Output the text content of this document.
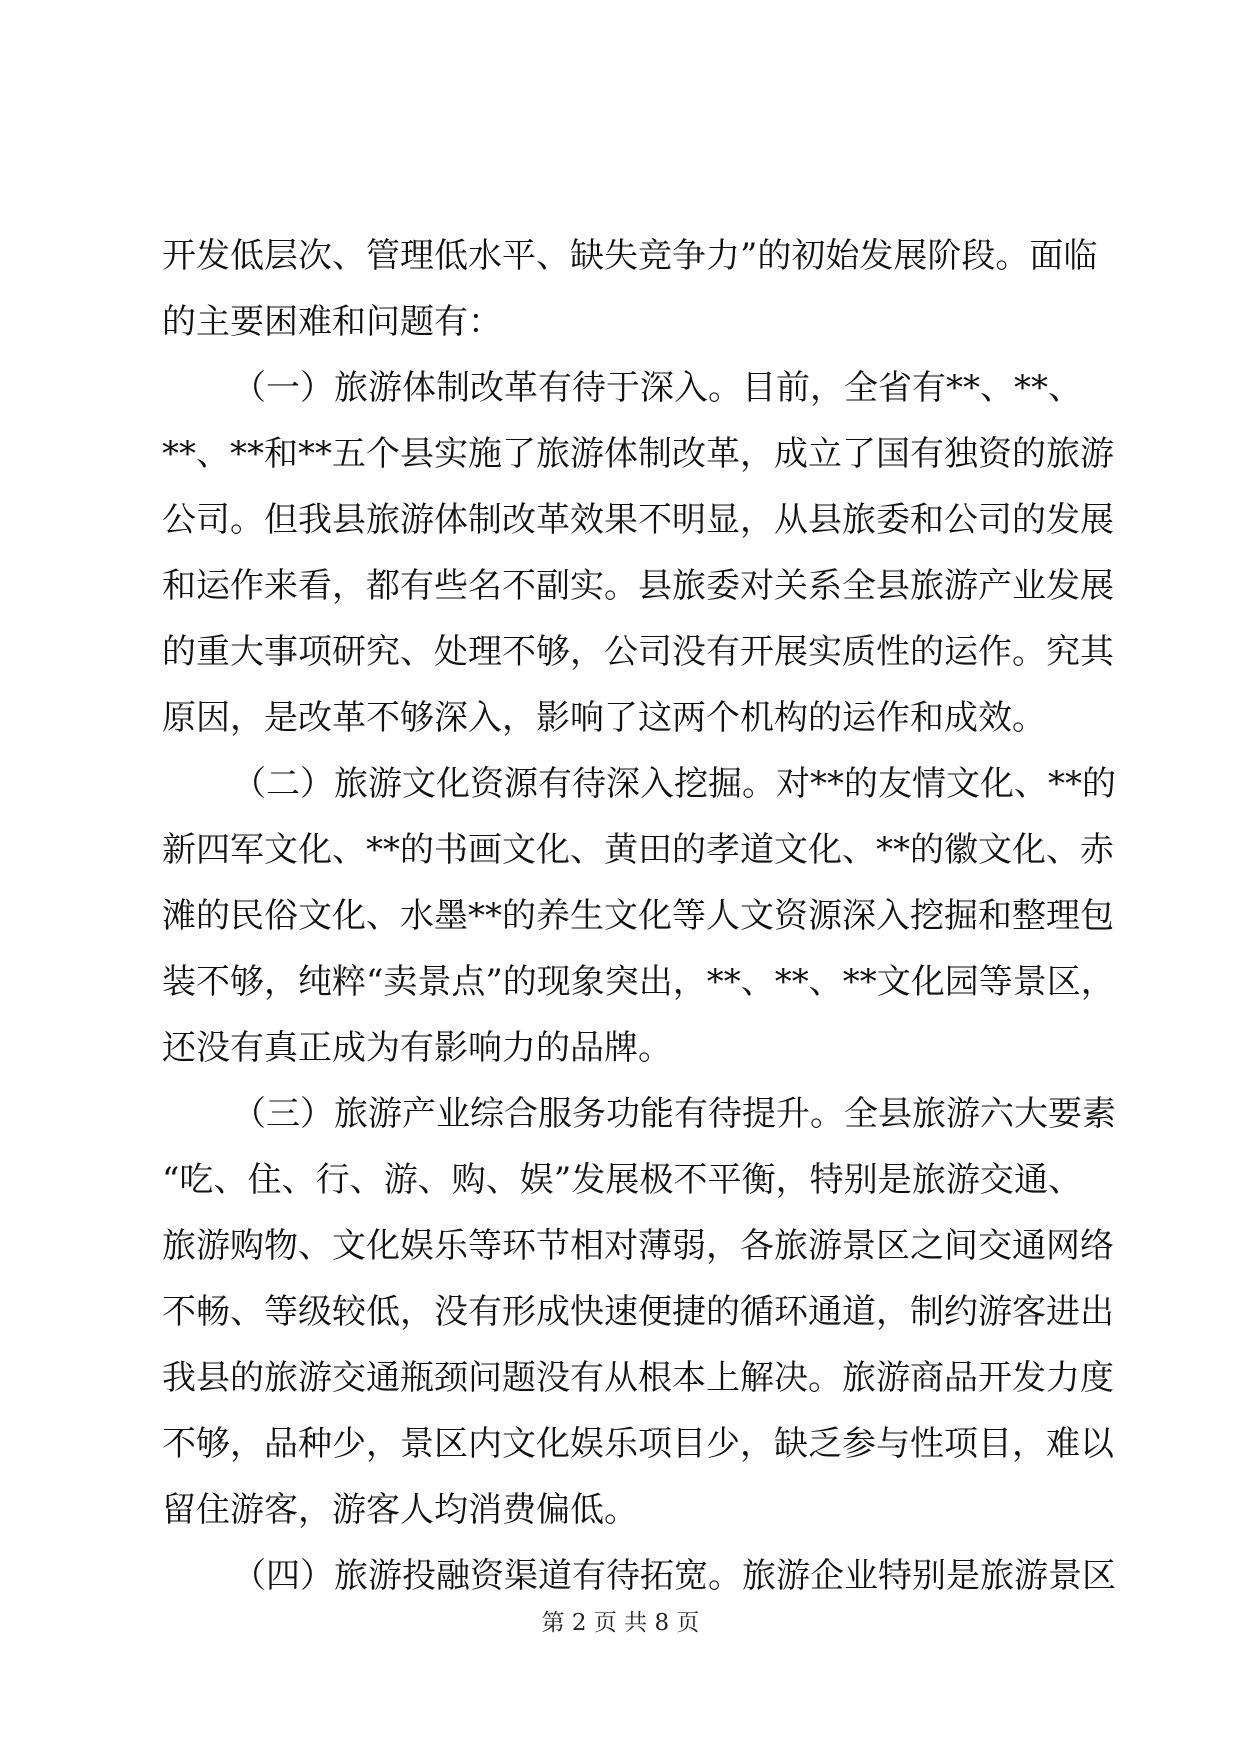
开发低层次、管理低水平、缺失竞争力”的初始发展阶段。面临
的主要困难和问题有：
（一）旅游体制改革有待于深入。目前，全省有**、**、
**、**和**五个县实施了旅游体制改革，成立了国有独资的旅游
公司。但我县旅游体制改革效果不明显，从县旅委和公司的发展
和运作来看，都有些名不副实。县旅委对关系全县旅游产业发展
的重大事项研究、处理不够，公司没有开展实质性的运作。究其
原因，是改革不够深入，影响了这两个机构的运作和成效。
（二）旅游文化资源有待深入挖掘。对**的友情文化、**的
新四军文化、**的书画文化、黄田的孝道文化、**的徽文化、赤
滩的民俗文化、水墨**的养生文化等人文资源深入挖掘和整理包
装不够，纯粹“卖景点”的现象突出，**、**、**文化园等景区，
还没有真正成为有影响力的品牌。
（三）旅游产业综合服务功能有待提升。全县旅游六大要素
“吃、住、行、游、购、娱”发展极不平衡，特别是旅游交通、
旅游购物、文化娱乐等环节相对薄弱，各旅游景区之间交通网络
不畅、等级较低，没有形成快速便捷的循环通道，制约游客进出
我县的旅游交通瓶颈问题没有从根本上解决。旅游商品开发力度
不够，品种少，景区内文化娱乐项目少，缺乏参与性项目，难以
留住游客，游客人均消费偏低。
（四）旅游投融资渠道有待拓宽。旅游企业特别是旅游景区
第 2 页 共 8 页
